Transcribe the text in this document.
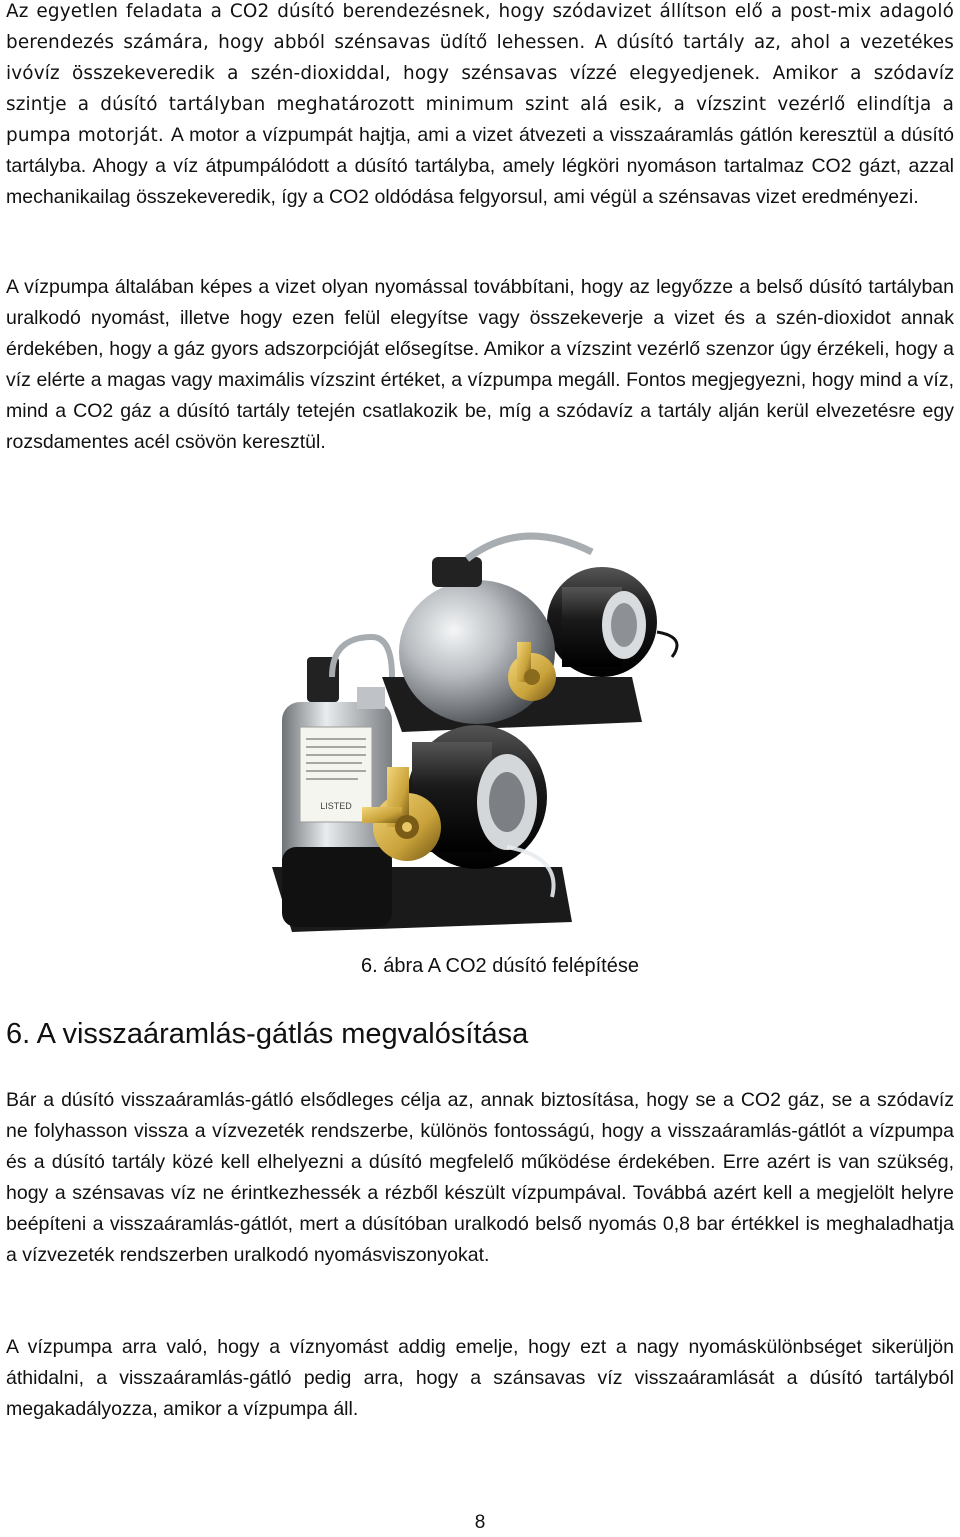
Az egyetlen feladata a CO2 dúsító berendezésnek, hogy szódavizet állítson elő a post-mix adagoló berendezés számára, hogy abból szénsavas üdítő lehessen. A dúsító tartály az, ahol a vezetékes ivóvíz összekeveredik a szén-dioxiddal, hogy szénsavas vízzé elegyedjenek. Amikor a szódavíz szintje a dúsító tartályban meghatározott minimum szint alá esik, a vízszint vezérlő elindítja a pumpa motorját. A motor a vízpumpát hajtja, ami a vizet átvezeti a visszaáramlás gátlón keresztül a dúsító tartályba. Ahogy a víz átpumpálódott a dúsító tartályba, amely légköri nyomáson tartalmaz CO2 gázt, azzal mechanikailag összekeveredik, így a CO2 oldódása felgyorsul, ami végül a szénsavas vizet eredményezi.

A vízpumpa általában képes a vizet olyan nyomással továbbítani, hogy az legyőzze a belső dúsító tartályban uralkodó nyomást, illetve hogy ezen felül elegyítse vagy összekeverje a vizet és a szén-dioxidot annak érdekében, hogy a gáz gyors adszorpcióját elősegítse. Amikor a vízszint vezérlő szenzor úgy érzékeli, hogy a víz elérte a magas vagy maximális vízszint értéket, a vízpumpa megáll. Fontos megjegyezni, hogy mind a víz, mind a CO2 gáz a dúsító tartály tetején csatlakozik be, míg a szódavíz a tartály alján kerül elvezetésre egy rozsdamentes acél csövön keresztül.

LISTED
6. ábra A CO2 dúsító felépítése
6. A visszaáramlás-gátlás megvalósítása

Bár a dúsító visszaáramlás-gátló elsődleges célja az, annak biztosítása, hogy se a CO2 gáz, se a szódavíz ne folyhasson vissza a vízvezeték rendszerbe, különös fontosságú, hogy a visszaáramlás-gátlót a vízpumpa és a dúsító tartály közé kell elhelyezni a dúsító megfelelő működése érdekében. Erre azért is van szükség, hogy a szénsavas víz ne érintkezhessék a rézből készült vízpumpával. Továbbá azért kell a megjelölt helyre beépíteni a visszaáramlás-gátlót, mert a dúsítóban uralkodó belső nyomás 0,8 bar értékkel is meghaladhatja a vízvezeték rendszerben uralkodó nyomásviszonyokat.

A vízpumpa arra való, hogy a víznyomást addig emelje, hogy ezt a nagy nyomáskülönbséget sikerüljön áthidalni, a visszaáramlás-gátló pedig arra, hogy a szánsavas víz visszaáramlását a dúsító tartályból megakadályozza, amikor a vízpumpa áll.

8
